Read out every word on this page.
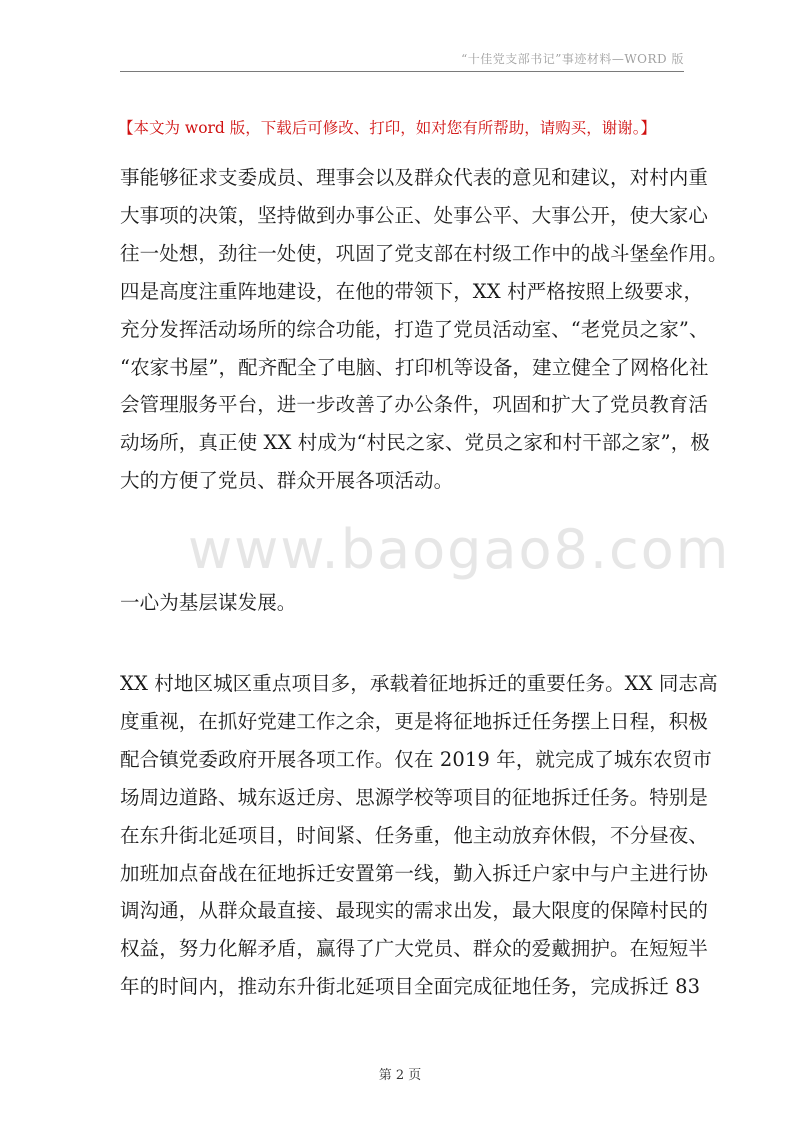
“十佳党支部书记”事迹材料—WORD 版
【本文为 word 版，下载后可修改、打印，如对您有所帮助，请购买，谢谢。】
www.baogao8.com
事能够征求支委成员、理事会以及群众代表的意见和建议，对村内重
大事项的决策，坚持做到办事公正、处事公平、大事公开，使大家心
往一处想，劲往一处使，巩固了党支部在村级工作中的战斗堡垒作用。
四是高度注重阵地建设，在他的带领下，XX 村严格按照上级要求，
充分发挥活动场所的综合功能，打造了党员活动室、“老党员之家”、
“农家书屋”，配齐配全了电脑、打印机等设备，建立健全了网格化社
会管理服务平台，进一步改善了办公条件，巩固和扩大了党员教育活
动场所，真正使 XX 村成为“村民之家、党员之家和村干部之家”，极
大的方便了党员、群众开展各项活动。
一心为基层谋发展。
XX 村地区城区重点项目多，承载着征地拆迁的重要任务。XX 同志高
度重视，在抓好党建工作之余，更是将征地拆迁任务摆上日程，积极
配合镇党委政府开展各项工作。仅在 2019 年，就完成了城东农贸市
场周边道路、城东返迁房、思源学校等项目的征地拆迁任务。特别是
在东升街北延项目，时间紧、任务重，他主动放弃休假，不分昼夜、
加班加点奋战在征地拆迁安置第一线，勤入拆迁户家中与户主进行协
调沟通，从群众最直接、最现实的需求出发，最大限度的保障村民的
权益，努力化解矛盾，赢得了广大党员、群众的爱戴拥护。在短短半
年的时间内，推动东升街北延项目全面完成征地任务，完成拆迁 83
第 2 页
